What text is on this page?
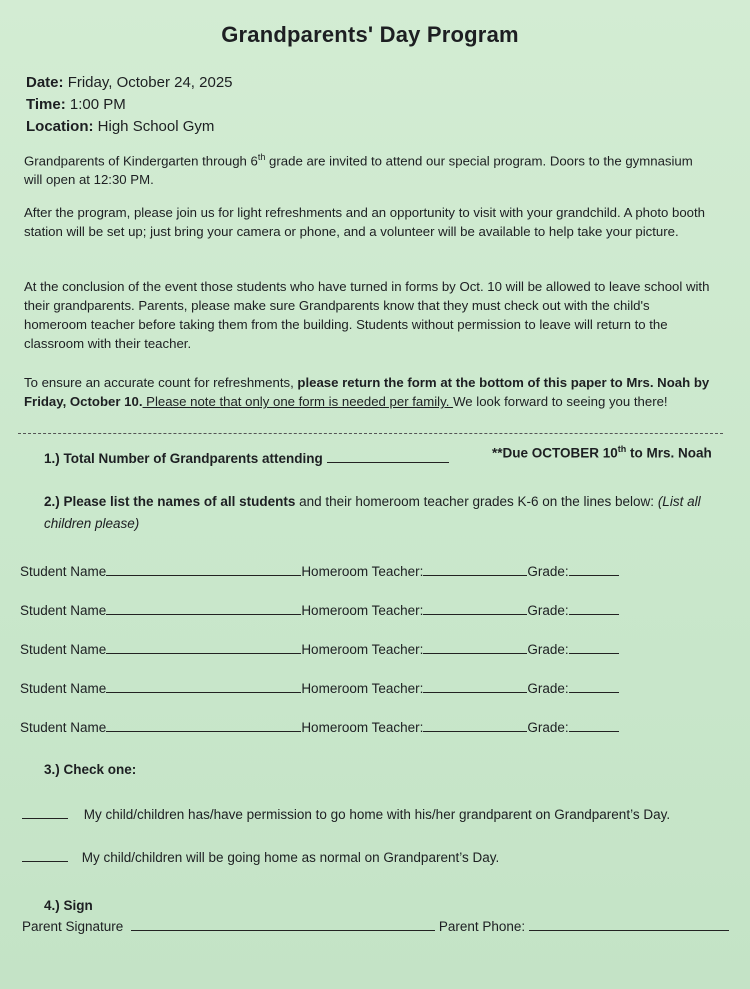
Grandparents' Day Program
Date: Friday, October 24, 2025
Time: 1:00 PM
Location: High School Gym
Grandparents of Kindergarten through 6th grade are invited to attend our special program. Doors to the gymnasium will open at 12:30 PM.
After the program, please join us for light refreshments and an opportunity to visit with your grandchild. A photo booth station will be set up; just bring your camera or phone, and a volunteer will be available to help take your picture.
At the conclusion of the event those students who have turned in forms by Oct. 10 will be allowed to leave school with their grandparents. Parents, please make sure Grandparents know that they must check out with the child's homeroom teacher before taking them from the building. Students without permission to leave will return to the classroom with their teacher.
To ensure an accurate count for refreshments, please return the form at the bottom of this paper to Mrs. Noah by Friday, October 10. Please note that only one form is needed per family. We look forward to seeing you there!
1.) Total Number of Grandparents attending	**Due OCTOBER 10th to Mrs. Noah
2.) Please list the names of all students and their homeroom teacher grades K-6 on the lines below: (List all children please)
Student Name	Homeroom Teacher:	Grade:
Student Name	Homeroom Teacher:	Grade:
Student Name	Homeroom Teacher:	Grade:
Student Name	Homeroom Teacher:	Grade:
Student Name	Homeroom Teacher:	Grade:
3.) Check one:
My child/children has/have permission to go home with his/her grandparent on Grandparent’s Day.
My child/children will be going home as normal on Grandparent’s Day.
4.) Sign
Parent Signature	Parent Phone:
